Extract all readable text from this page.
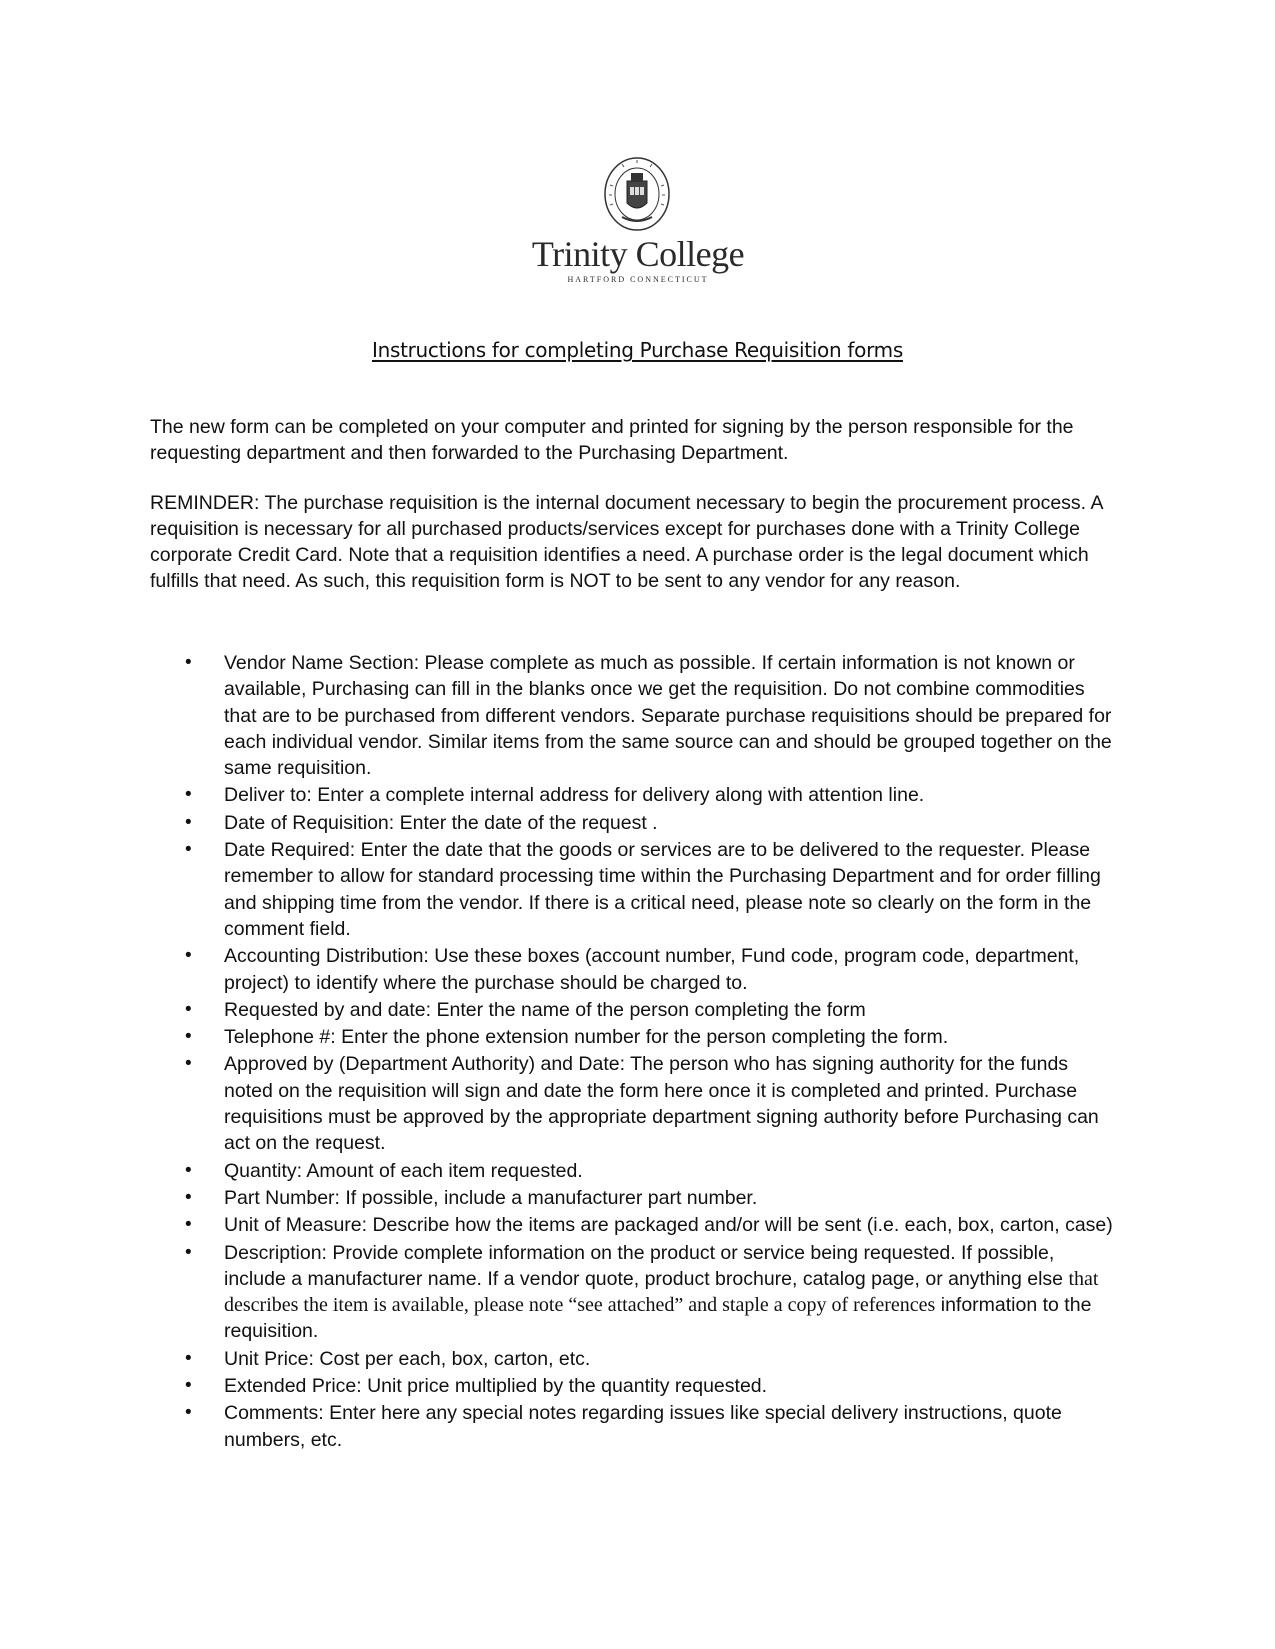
Trinity College
HARTFORD CONNECTICUT
Instructions for completing Purchase Requisition forms
The new form can be completed on your computer and printed for signing by the person responsible for the requesting department and then forwarded to the Purchasing Department.
REMINDER: The purchase requisition is the internal document necessary to begin the procurement process. A requisition is necessary for all purchased products/services except for purchases done with a Trinity College corporate Credit Card. Note that a requisition identifies a need. A purchase order is the legal document which fulfills that need. As such, this requisition form is NOT to be sent to any vendor for any reason.
• Vendor Name Section: Please complete as much as possible. If certain information is not known or available, Purchasing can fill in the blanks once we get the requisition. Do not combine commodities that are to be purchased from different vendors. Separate purchase requisitions should be prepared for each individual vendor. Similar items from the same source can and should be grouped together on the same requisition.
• Deliver to: Enter a complete internal address for delivery along with attention line.
• Date of Requisition: Enter the date of the request .
• Date Required: Enter the date that the goods or services are to be delivered to the requester. Please remember to allow for standard processing time within the Purchasing Department and for order filling and shipping time from the vendor. If there is a critical need, please note so clearly on the form in the comment field.
• Accounting Distribution: Use these boxes (account number, Fund code, program code, department, project) to identify where the purchase should be charged to.
• Requested by and date: Enter the name of the person completing the form
• Telephone #: Enter the phone extension number for the person completing the form.
• Approved by (Department Authority) and Date: The person who has signing authority for the funds noted on the requisition will sign and date the form here once it is completed and printed. Purchase requisitions must be approved by the appropriate department signing authority before Purchasing can act on the request.
• Quantity: Amount of each item requested.
• Part Number: If possible, include a manufacturer part number.
• Unit of Measure: Describe how the items are packaged and/or will be sent (i.e. each, box, carton, case)
• Description: Provide complete information on the product or service being requested. If possible, include a manufacturer name. If a vendor quote, product brochure, catalog page, or anything else that describes the item is available, please note “see attached” and staple a copy of references information to the requisition.
• Unit Price: Cost per each, box, carton, etc.
• Extended Price: Unit price multiplied by the quantity requested.
• Comments: Enter here any special notes regarding issues like special delivery instructions, quote numbers, etc.
